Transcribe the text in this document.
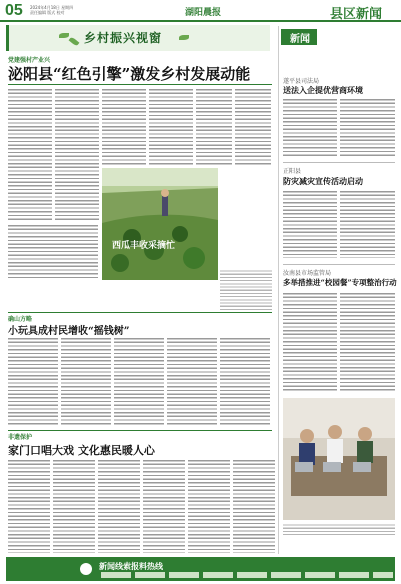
05 2024年4月18日 星期四
责任编辑 版式 校对	湖阳晨报	县区新闻
乡村振兴视窗
党建强村产业兴
泌阳县“红色引擎”激发乡村发展动能
西瓜丰收采摘忙
确山方略
小玩具成村民增收“摇钱树”
非遗保护
家门口唱大戏 文化惠民暖人心
新闻播报
遂平县司法局
送法入企提优营商环境
正阳县
防灾减灾宣传活动启动
汝南县市场监管局
多举措推进“校园餐”专项整治行动
新闻线索报料热线
